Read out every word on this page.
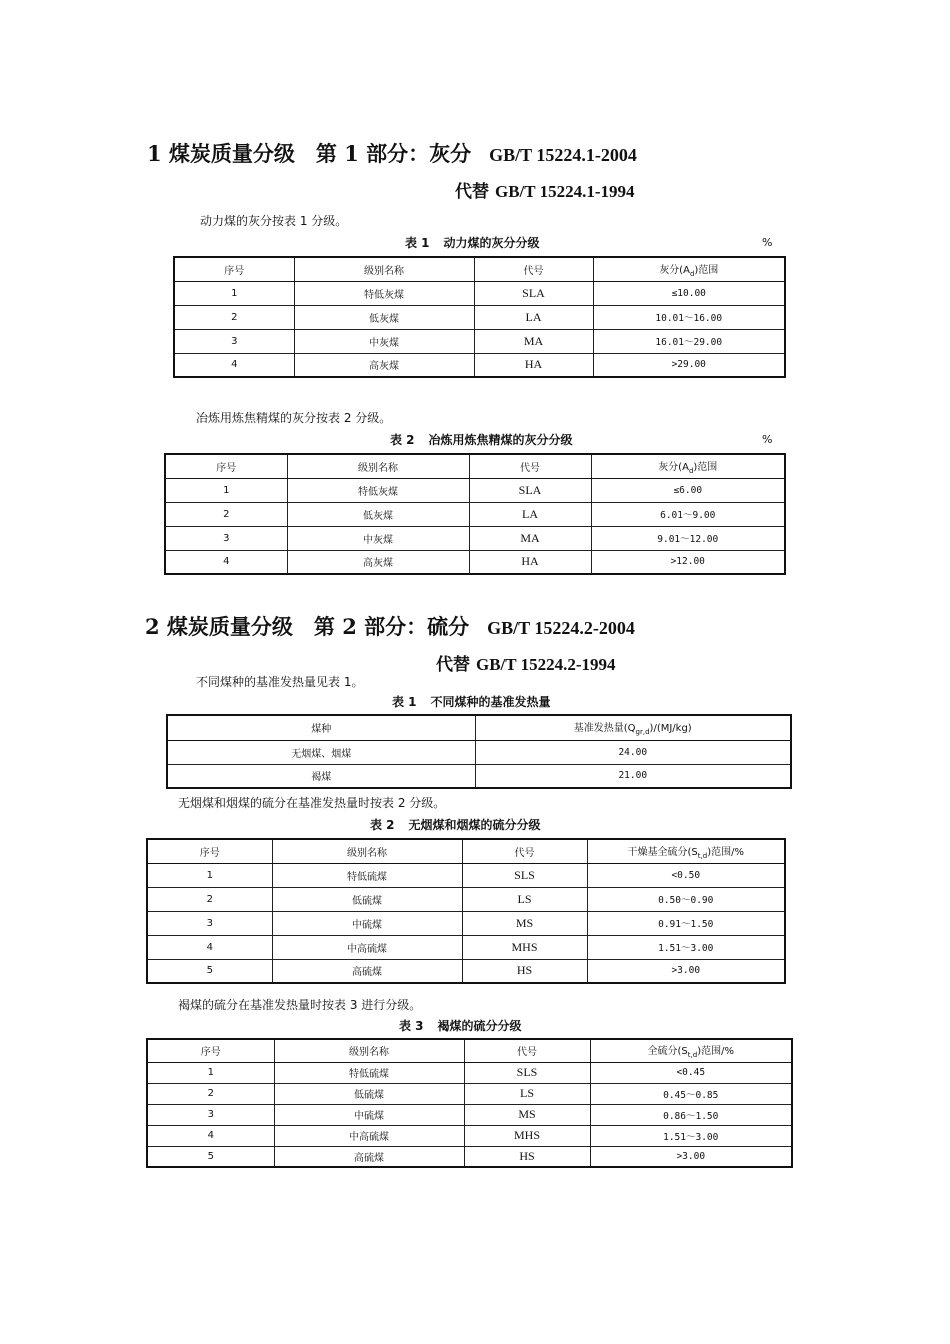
1 煤炭质量分级　第 1 部分：灰分 GB/T 15224.1-2004
代替 GB/T 15224.1-1994
动力煤的灰分按表 1 分级。
表 1 动力煤的灰分分级	%
序号	级别名称	代号	灰分$(A_d)$范围
1	特低灰煤	SLA	≤10.00
2	低灰煤	LA	10.01～16.00
3	中灰煤	MA	16.01～29.00
4	高灰煤	HA	>29.00
冶炼用炼焦精煤的灰分按表 2 分级。
表 2 冶炼用炼焦精煤的灰分分级	%
序号	级别名称	代号	灰分$(A_d)$范围
1	特低灰煤	SLA	≤6.00
2	低灰煤	LA	6.01～9.00
3	中灰煤	MA	9.01～12.00
4	高灰煤	HA	>12.00
2 煤炭质量分级　第 2 部分：硫分 GB/T 15224.2-2004
代替 GB/T 15224.2-1994
不同煤种的基准发热量见表 1。
表 1 不同煤种的基准发热量
煤种	基准发热量$(Q_{gr,d})/(MJ/kg)$
无烟煤、烟煤	24.00
褐煤	21.00
无烟煤和烟煤的硫分在基准发热量时按表 2 分级。
表 2 无烟煤和烟煤的硫分分级
序号	级别名称	代号	干燥基全硫分$(S_{t,d})$范围/%
1	特低硫煤	SLS	<0.50
2	低硫煤	LS	0.50～0.90
3	中硫煤	MS	0.91～1.50
4	中高硫煤	MHS	1.51～3.00
5	高硫煤	HS	>3.00
褐煤的硫分在基准发热量时按表 3 进行分级。
表 3 褐煤的硫分分级
序号	级别名称	代号	全硫分$(S_{t,d})$范围/%
1	特低硫煤	SLS	<0.45
2	低硫煤	LS	0.45～0.85
3	中硫煤	MS	0.86～1.50
4	中高硫煤	MHS	1.51～3.00
5	高硫煤	HS	>3.00
